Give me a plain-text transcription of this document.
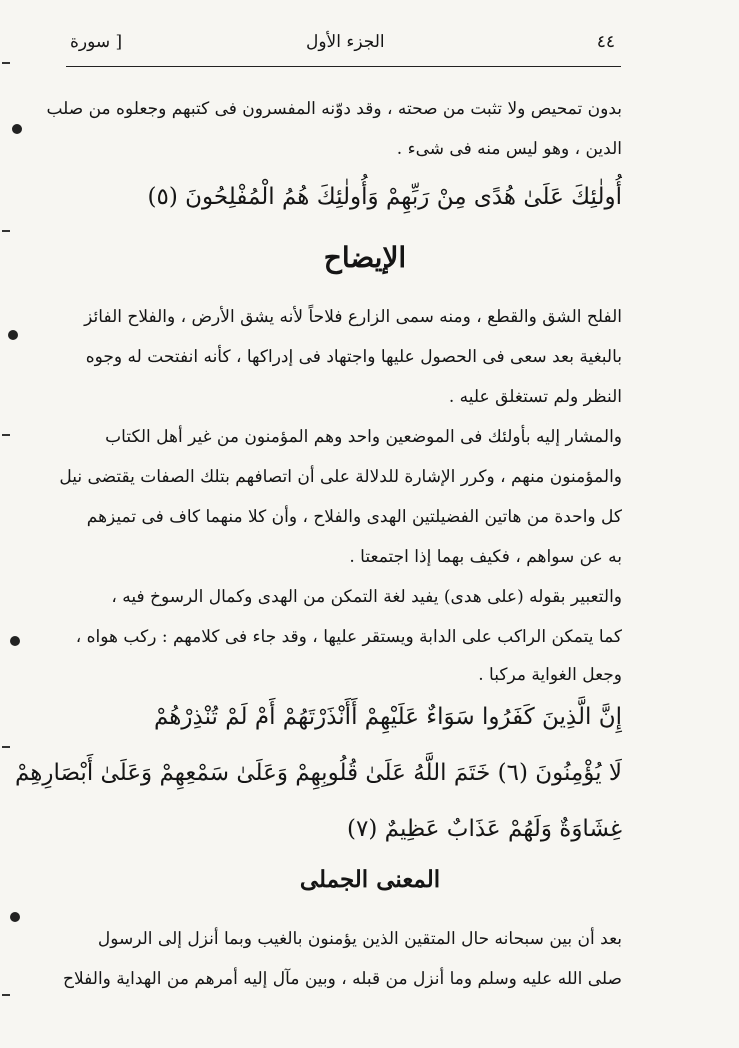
٤٤
الجزء الأول
[ سورة
بدون تمحيص ولا تثبت من صحته ، وقد دوّنه المفسرون فى كتبهم وجعلوه من صلب
الدين ، وهو ليس منه فى شىء .
أُولٰئِكَ عَلَىٰ هُدًى مِنْ رَبِّهِمْ وَأُولٰئِكَ هُمُ الْمُفْلِحُونَ (٥)
الإيضاح
الفلح الشق والقطع ، ومنه سمى الزارع فلاحاً لأنه يشق الأرض ، والفلاح الفائز
بالبغية بعد سعى فى الحصول عليها واجتهاد فى إدراكها ، كأنه انفتحت له وجوه
النظر ولم تستغلق عليه .
والمشار إليه بأولئك فى الموضعين واحد وهم المؤمنون من غير أهل الكتاب
والمؤمنون منهم ، وكرر الإشارة للدلالة على أن اتصافهم بتلك الصفات يقتضى نيل
كل واحدة من هاتين الفضيلتين الهدى والفلاح ، وأن كلا منهما كاف فى تميزهم
به عن سواهم ، فكيف بهما إذا اجتمعتا .
والتعبير بقوله (على هدى) يفيد لغة التمكن من الهدى وكمال الرسوخ فيه ،
كما يتمكن الراكب على الدابة ويستقر عليها ، وقد جاء فى كلامهم : ركب هواه ،
وجعل الغواية مركبا .
إِنَّ الَّذِينَ كَفَرُوا سَوَاءٌ عَلَيْهِمْ أَأَنْذَرْتَهُمْ أَمْ لَمْ تُنْذِرْهُمْ
لَا يُؤْمِنُونَ (٦) خَتَمَ اللَّهُ عَلَىٰ قُلُوبِهِمْ وَعَلَىٰ سَمْعِهِمْ وَعَلَىٰ أَبْصَارِهِمْ
غِشَاوَةٌ وَلَهُمْ عَذَابٌ عَظِيمٌ (٧)
المعنى الجملى
بعد أن بين سبحانه حال المتقين الذين يؤمنون بالغيب وبما أنزل إلى الرسول
صلى الله عليه وسلم وما أنزل من قبله ، وبين مآل إليه أمرهم من الهداية والفلاح
